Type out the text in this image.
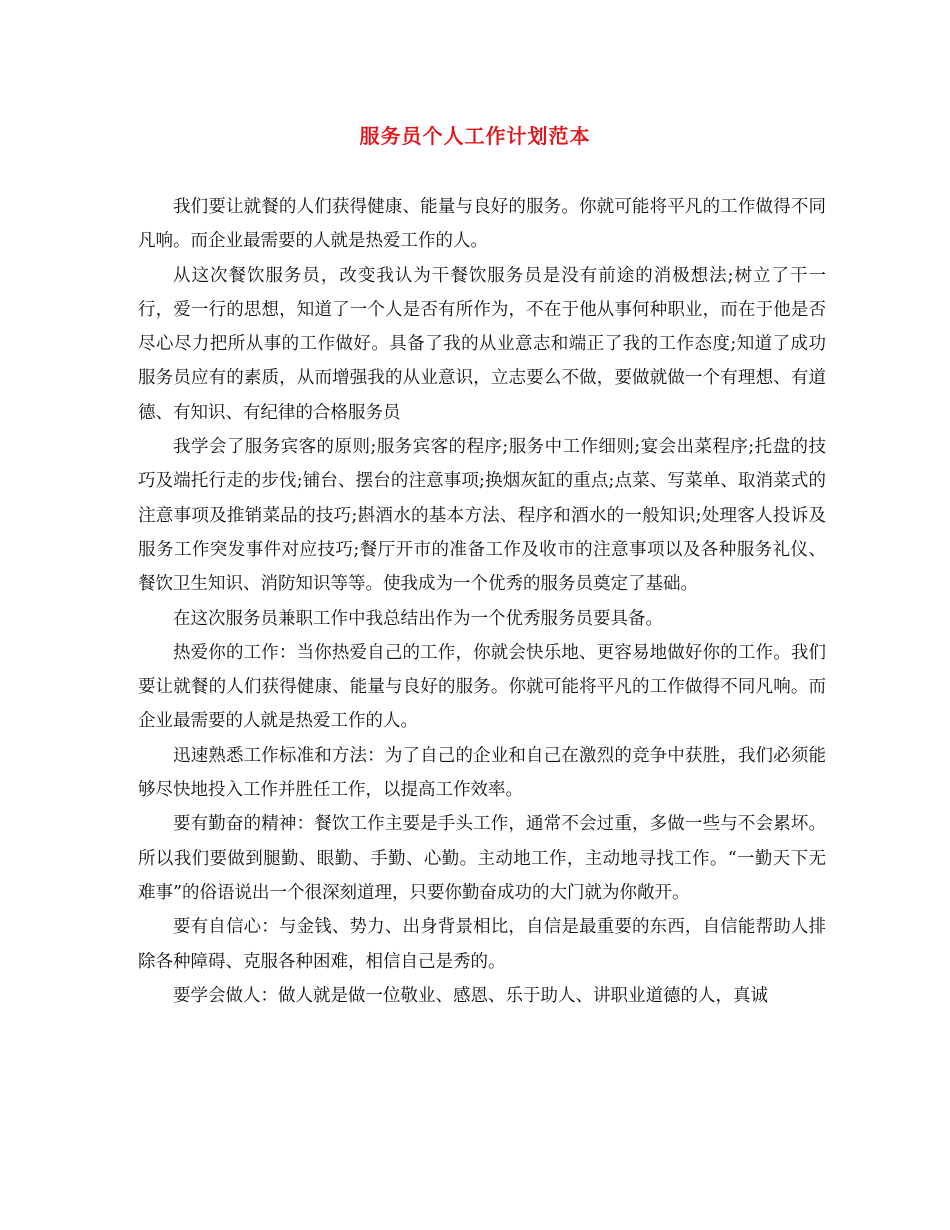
服务员个人工作计划范本

我们要让就餐的人们获得健康、能量与良好的服务。你就可能将平凡的工作做得不同凡响。而企业最需要的人就是热爱工作的人。

从这次餐饮服务员，改变我认为干餐饮服务员是没有前途的消极想法;树立了干一行，爱一行的思想，知道了一个人是否有所作为，不在于他从事何种职业，而在于他是否尽心尽力把所从事的工作做好。具备了我的从业意志和端正了我的工作态度;知道了成功服务员应有的素质，从而增强我的从业意识，立志要么不做，要做就做一个有理想、有道德、有知识、有纪律的合格服务员

我学会了服务宾客的原则;服务宾客的程序;服务中工作细则;宴会出菜程序;托盘的技巧及端托行走的步伐;铺台、摆台的注意事项;换烟灰缸的重点;点菜、写菜单、取消菜式的注意事项及推销菜品的技巧;斟酒水的基本方法、程序和酒水的一般知识;处理客人投诉及服务工作突发事件对应技巧;餐厅开市的准备工作及收市的注意事项以及各种服务礼仪、餐饮卫生知识、消防知识等等。使我成为一个优秀的服务员奠定了基础。

在这次服务员兼职工作中我总结出作为一个优秀服务员要具备。

热爱你的工作：当你热爱自己的工作，你就会快乐地、更容易地做好你的工作。我们要让就餐的人们获得健康、能量与良好的服务。你就可能将平凡的工作做得不同凡响。而企业最需要的人就是热爱工作的人。

迅速熟悉工作标准和方法：为了自己的企业和自己在激烈的竞争中获胜，我们必须能够尽快地投入工作并胜任工作，以提高工作效率。

要有勤奋的精神：餐饮工作主要是手头工作，通常不会过重，多做一些与不会累坏。所以我们要做到腿勤、眼勤、手勤、心勤。主动地工作，主动地寻找工作。“一勤天下无难事”的俗语说出一个很深刻道理，只要你勤奋成功的大门就为你敞开。

要有自信心：与金钱、势力、出身背景相比，自信是最重要的东西，自信能帮助人排除各种障碍、克服各种困难，相信自己是秀的。

要学会做人：做人就是做一位敬业、感恩、乐于助人、讲职业道德的人，真诚
